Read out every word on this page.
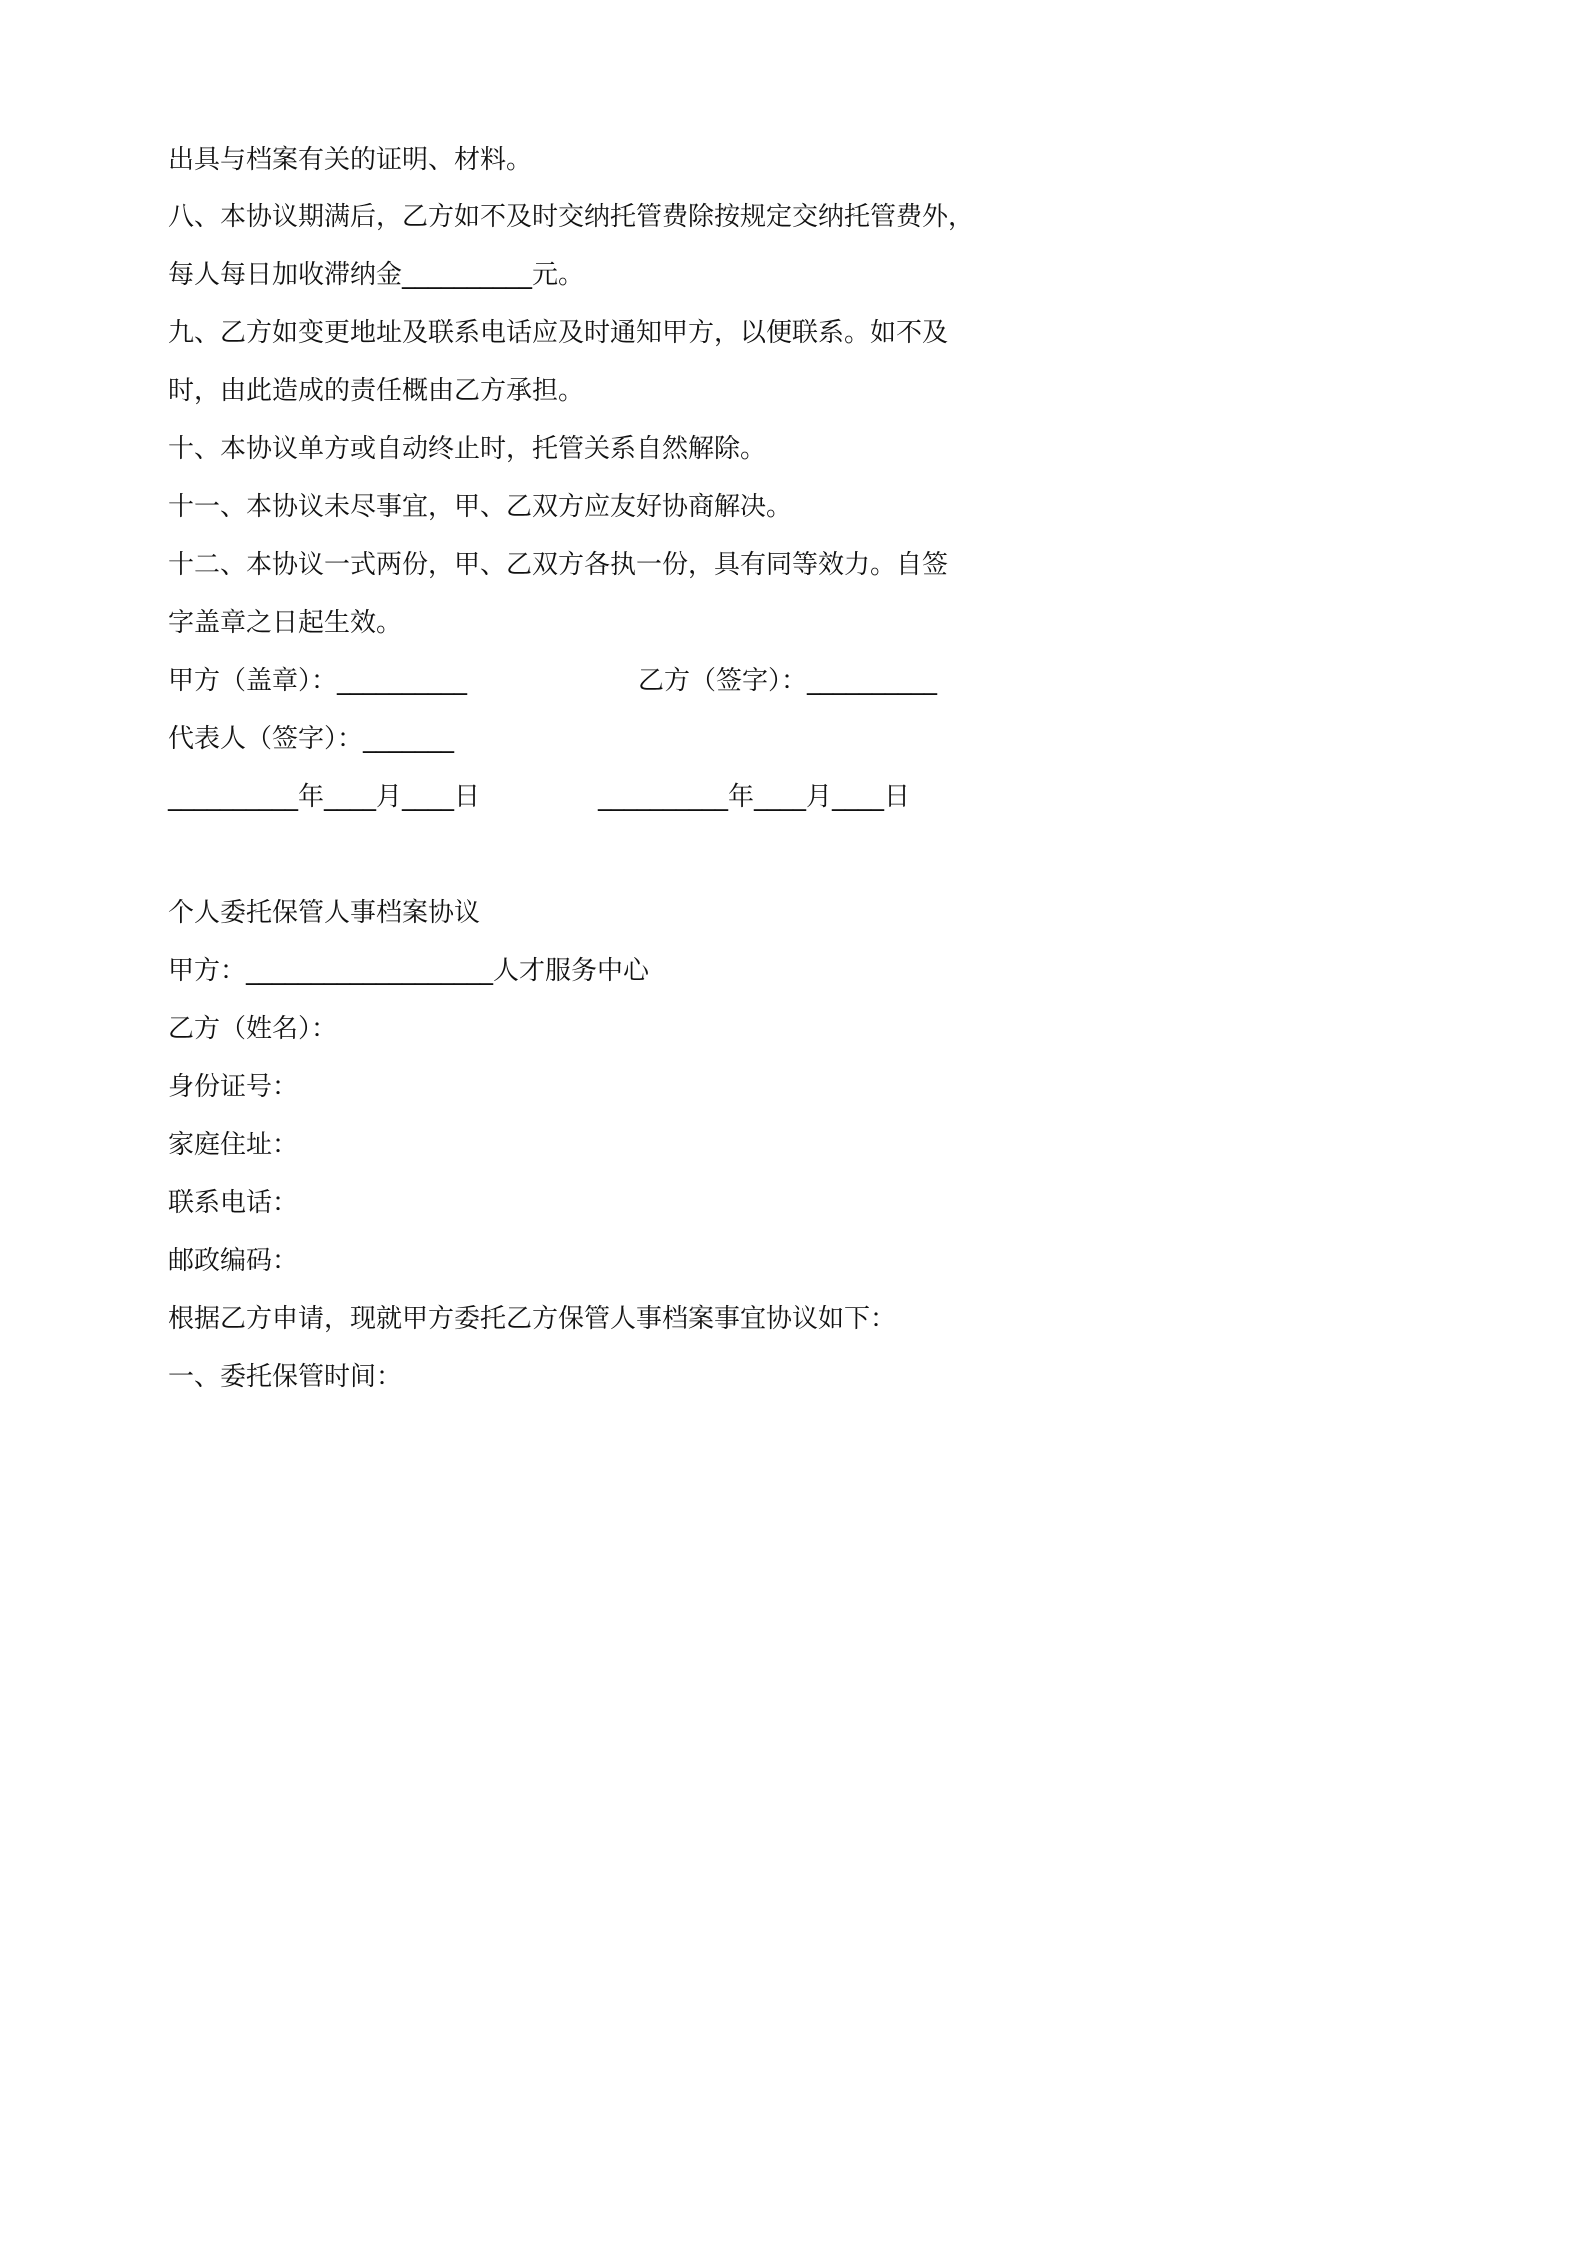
出具与档案有关的证明、材料。

八、本协议期满后，乙方如不及时交纳托管费除按规定交纳托管费外，

每人每日加收滞纳金__________元。

九、乙方如变更地址及联系电话应及时通知甲方，以便联系。如不及

时，由此造成的责任概由乙方承担。

十、本协议单方或自动终止时，托管关系自然解除。

十一、本协议未尽事宜，甲、乙双方应友好协商解决。

十二、本协议一式两份，甲、乙双方各执一份，具有同等效力。自签

字盖章之日起生效。

甲方（盖章）：__________	乙方（签字）：__________

代表人（签字）：_______

__________年____月____日	__________年____月____日

个人委托保管人事档案协议

甲方：___________________人才服务中心

乙方（姓名）：

身份证号：

家庭住址：

联系电话：

邮政编码：

根据乙方申请，现就甲方委托乙方保管人事档案事宜协议如下：

一、委托保管时间：
